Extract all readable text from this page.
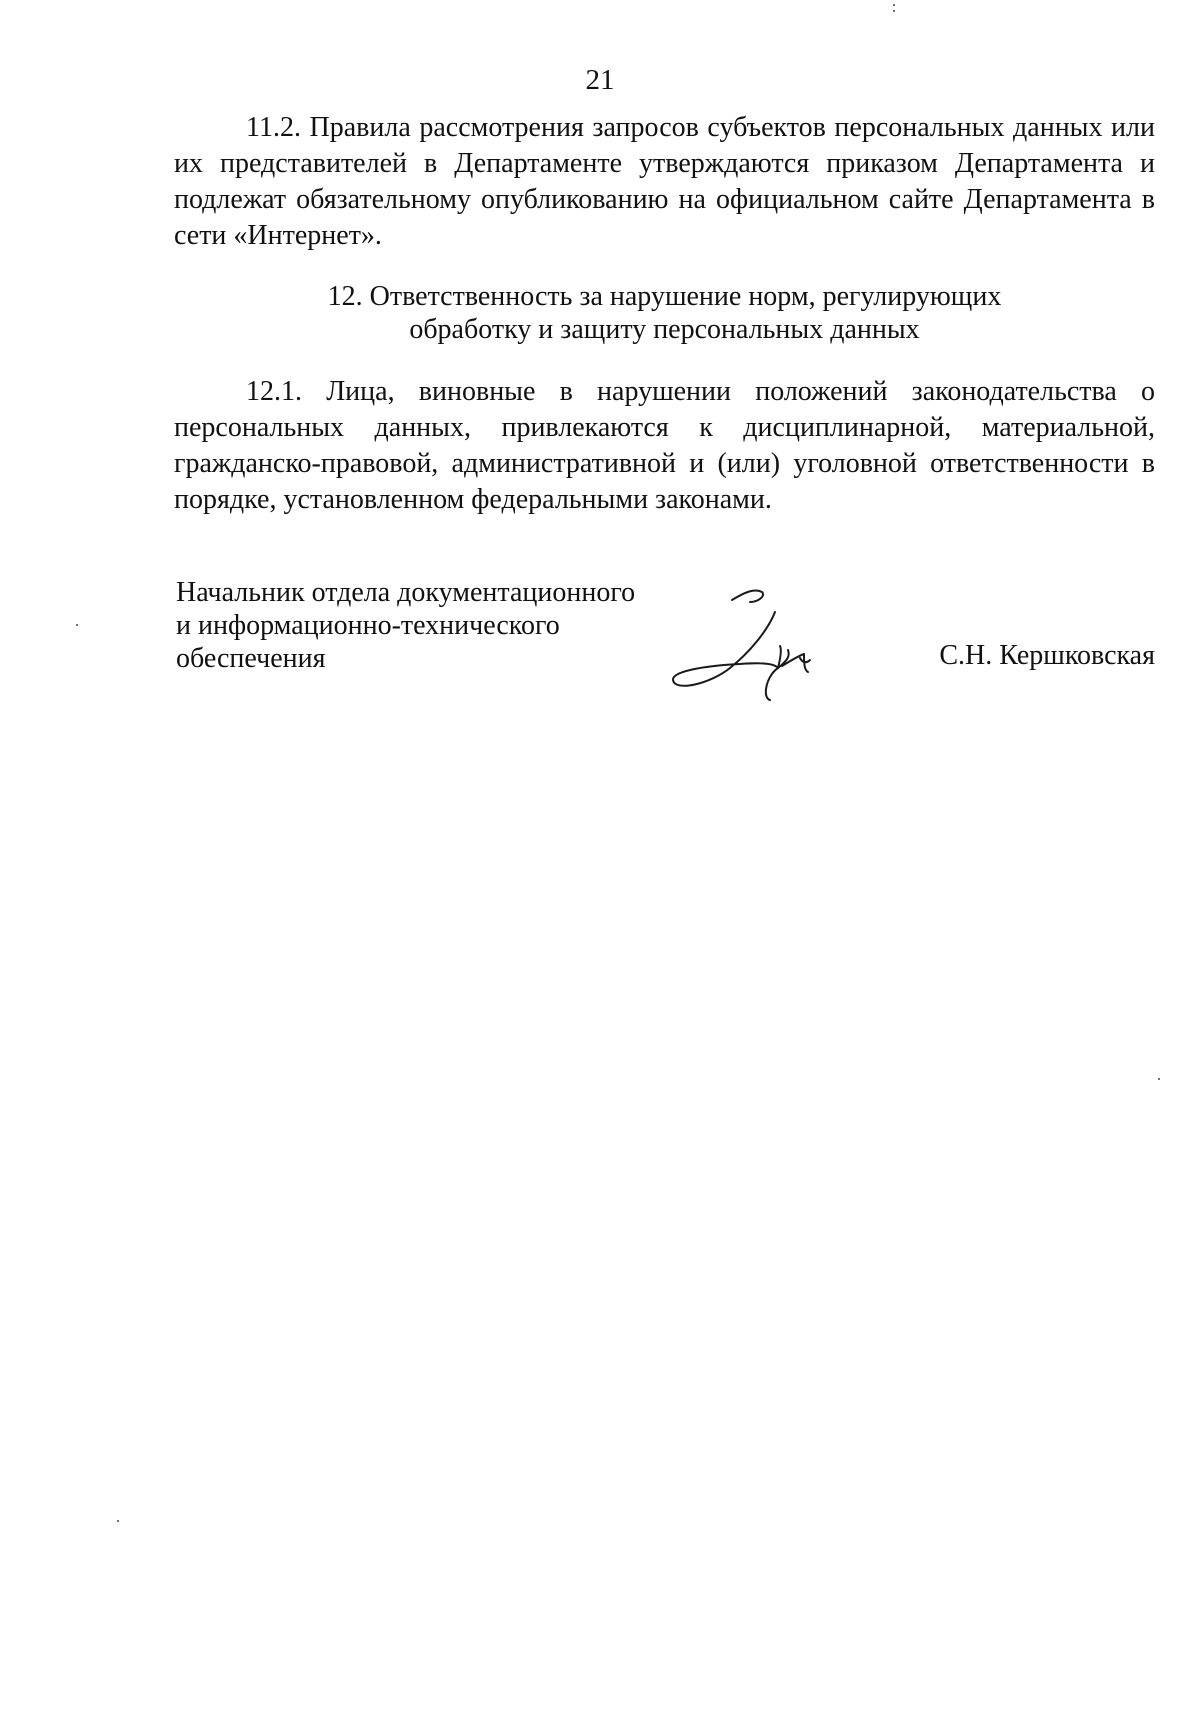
21

11.2. Правила рассмотрения запросов субъектов персональных данных или их представителей в Департаменте утверждаются приказом Департамента и подлежат обязательному опубликованию на официальном сайте Департамента в сети «Интернет».

12. Ответственность за нарушение норм, регулирующих
обработку и защиту персональных данных

12.1. Лица, виновные в нарушении положений законодательства о персональных данных, привлекаются к дисциплинарной, материальной, гражданско-правовой, административной и (или) уголовной ответственности в порядке, установленном федеральными законами.

Начальник отдела документационного
и информационно-технического
обеспечения	С.Н. Кершковская
